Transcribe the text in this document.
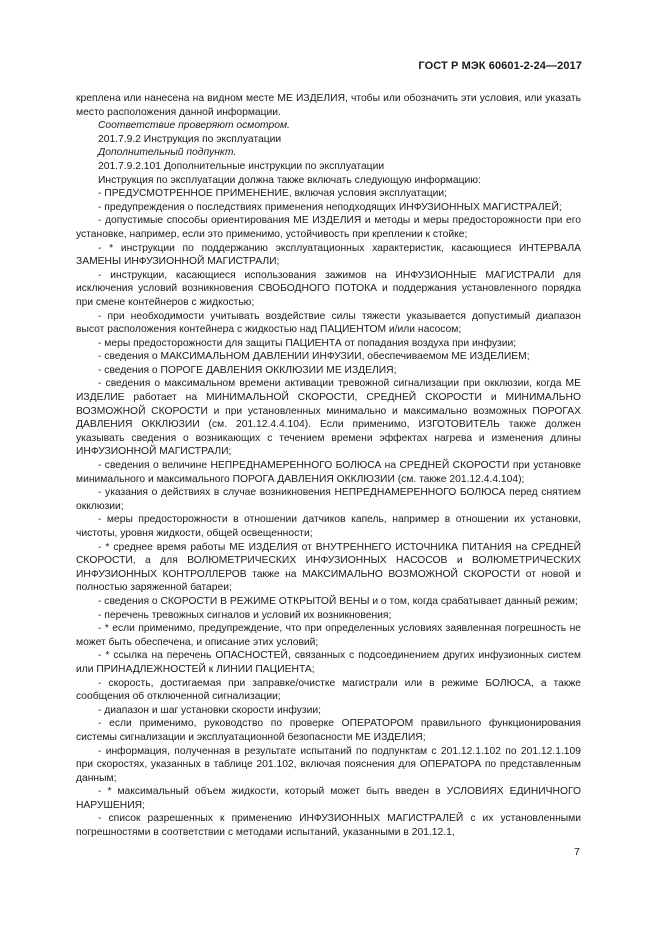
ГОСТ Р МЭК 60601-2-24—2017

креплена или нанесена на видном месте МЕ ИЗДЕЛИЯ, чтобы или обозначить эти условия, или указать место расположения данной информации.

Соответствие проверяют осмотром.

201.7.9.2 Инструкция по эксплуатации

Дополнительный подпункт.

201.7.9.2.101 Дополнительные инструкции по эксплуатации

Инструкция по эксплуатации должна также включать следующую информацию:

- ПРЕДУСМОТРЕННОЕ ПРИМЕНЕНИЕ, включая условия эксплуатации;

- предупреждения о последствиях применения неподходящих ИНФУЗИОННЫХ МАГИСТРАЛЕЙ;

- допустимые способы ориентирования МЕ ИЗДЕЛИЯ и методы и меры предосторожности при его установке, например, если это применимо, устойчивость при креплении к стойке;

- * инструкции по поддержанию эксплуатационных характеристик, касающиеся ИНТЕРВАЛА ЗАМЕНЫ ИНФУЗИОННОЙ МАГИСТРАЛИ;

- инструкции, касающиеся использования зажимов на ИНФУЗИОННЫЕ МАГИСТРАЛИ для исключения условий возникновения СВОБОДНОГО ПОТОКА и поддержания установленного порядка при смене контейнеров с жидкостью;

- при необходимости учитывать воздействие силы тяжести указывается допустимый диапазон высот расположения контейнера с жидкостью над ПАЦИЕНТОМ и/или насосом;

- меры предосторожности для защиты ПАЦИЕНТА от попадания воздуха при инфузии;

- сведения о МАКСИМАЛЬНОМ ДАВЛЕНИИ ИНФУЗИИ, обеспечиваемом МЕ ИЗДЕЛИЕМ;

- сведения о ПОРОГЕ ДАВЛЕНИЯ ОККЛЮЗИИ МЕ ИЗДЕЛИЯ;

- сведения о максимальном времени активации тревожной сигнализации при окклюзии, когда МЕ ИЗДЕЛИЕ работает на МИНИМАЛЬНОЙ СКОРОСТИ, СРЕДНЕЙ СКОРОСТИ и МИНИМАЛЬНО ВОЗМОЖНОЙ СКОРОСТИ и при установленных минимально и максимально возможных ПОРОГАХ ДАВЛЕНИЯ ОККЛЮЗИИ (см. 201.12.4.4.104). Если применимо, ИЗГОТОВИТЕЛЬ также должен указывать сведения о возникающих с течением времени эффектах нагрева и изменения длины ИНФУЗИОННОЙ МАГИСТРАЛИ;

- сведения о величине НЕПРЕДНАМЕРЕННОГО БОЛЮСА на СРЕДНЕЙ СКОРОСТИ при установке минимального и максимального ПОРОГА ДАВЛЕНИЯ ОККЛЮЗИИ (см. также 201.12.4.4.104);

- указания о действиях в случае возникновения НЕПРЕДНАМЕРЕННОГО БОЛЮСА перед снятием окклюзии;

- меры предосторожности в отношении датчиков капель, например в отношении их установки, чистоты, уровня жидкости, общей освещенности;

- * среднее время работы МЕ ИЗДЕЛИЯ от ВНУТРЕННЕГО ИСТОЧНИКА ПИТАНИЯ на СРЕДНЕЙ СКОРОСТИ, а для ВОЛЮМЕТРИЧЕСКИХ ИНФУЗИОННЫХ НАСОСОВ и ВОЛЮМЕТРИЧЕСКИХ ИНФУЗИОННЫХ КОНТРОЛЛЕРОВ также на МАКСИМАЛЬНО ВОЗМОЖНОЙ СКОРОСТИ от новой и полностью заряженной батареи;

- сведения о СКОРОСТИ В РЕЖИМЕ ОТКРЫТОЙ ВЕНЫ и о том, когда срабатывает данный режим;

- перечень тревожных сигналов и условий их возникновения;

- * если применимо, предупреждение, что при определенных условиях заявленная погрешность не может быть обеспечена, и описание этих условий;

- * ссылка на перечень ОПАСНОСТЕЙ, связанных с подсоединением других инфузионных систем или ПРИНАДЛЕЖНОСТЕЙ к ЛИНИИ ПАЦИЕНТА;

- скорость, достигаемая при заправке/очистке магистрали или в режиме БОЛЮСА, а также сообщения об отключенной сигнализации;

- диапазон и шаг установки скорости инфузии;

- если применимо, руководство по проверке ОПЕРАТОРОМ правильного функционирования системы сигнализации и эксплуатационной безопасности МЕ ИЗДЕЛИЯ;

- информация, полученная в результате испытаний по подпунктам с 201.12.1.102 по 201.12.1.109 при скоростях, указанных в таблице 201.102, включая пояснения для ОПЕРАТОРА по представленным данным;

- * максимальный объем жидкости, который может быть введен в УСЛОВИЯХ ЕДИНИЧНОГО НАРУШЕНИЯ;

- список разрешенных к применению ИНФУЗИОННЫХ МАГИСТРАЛЕЙ с их установленными погрешностями в соответствии с методами испытаний, указанными в 201.12.1,

7
